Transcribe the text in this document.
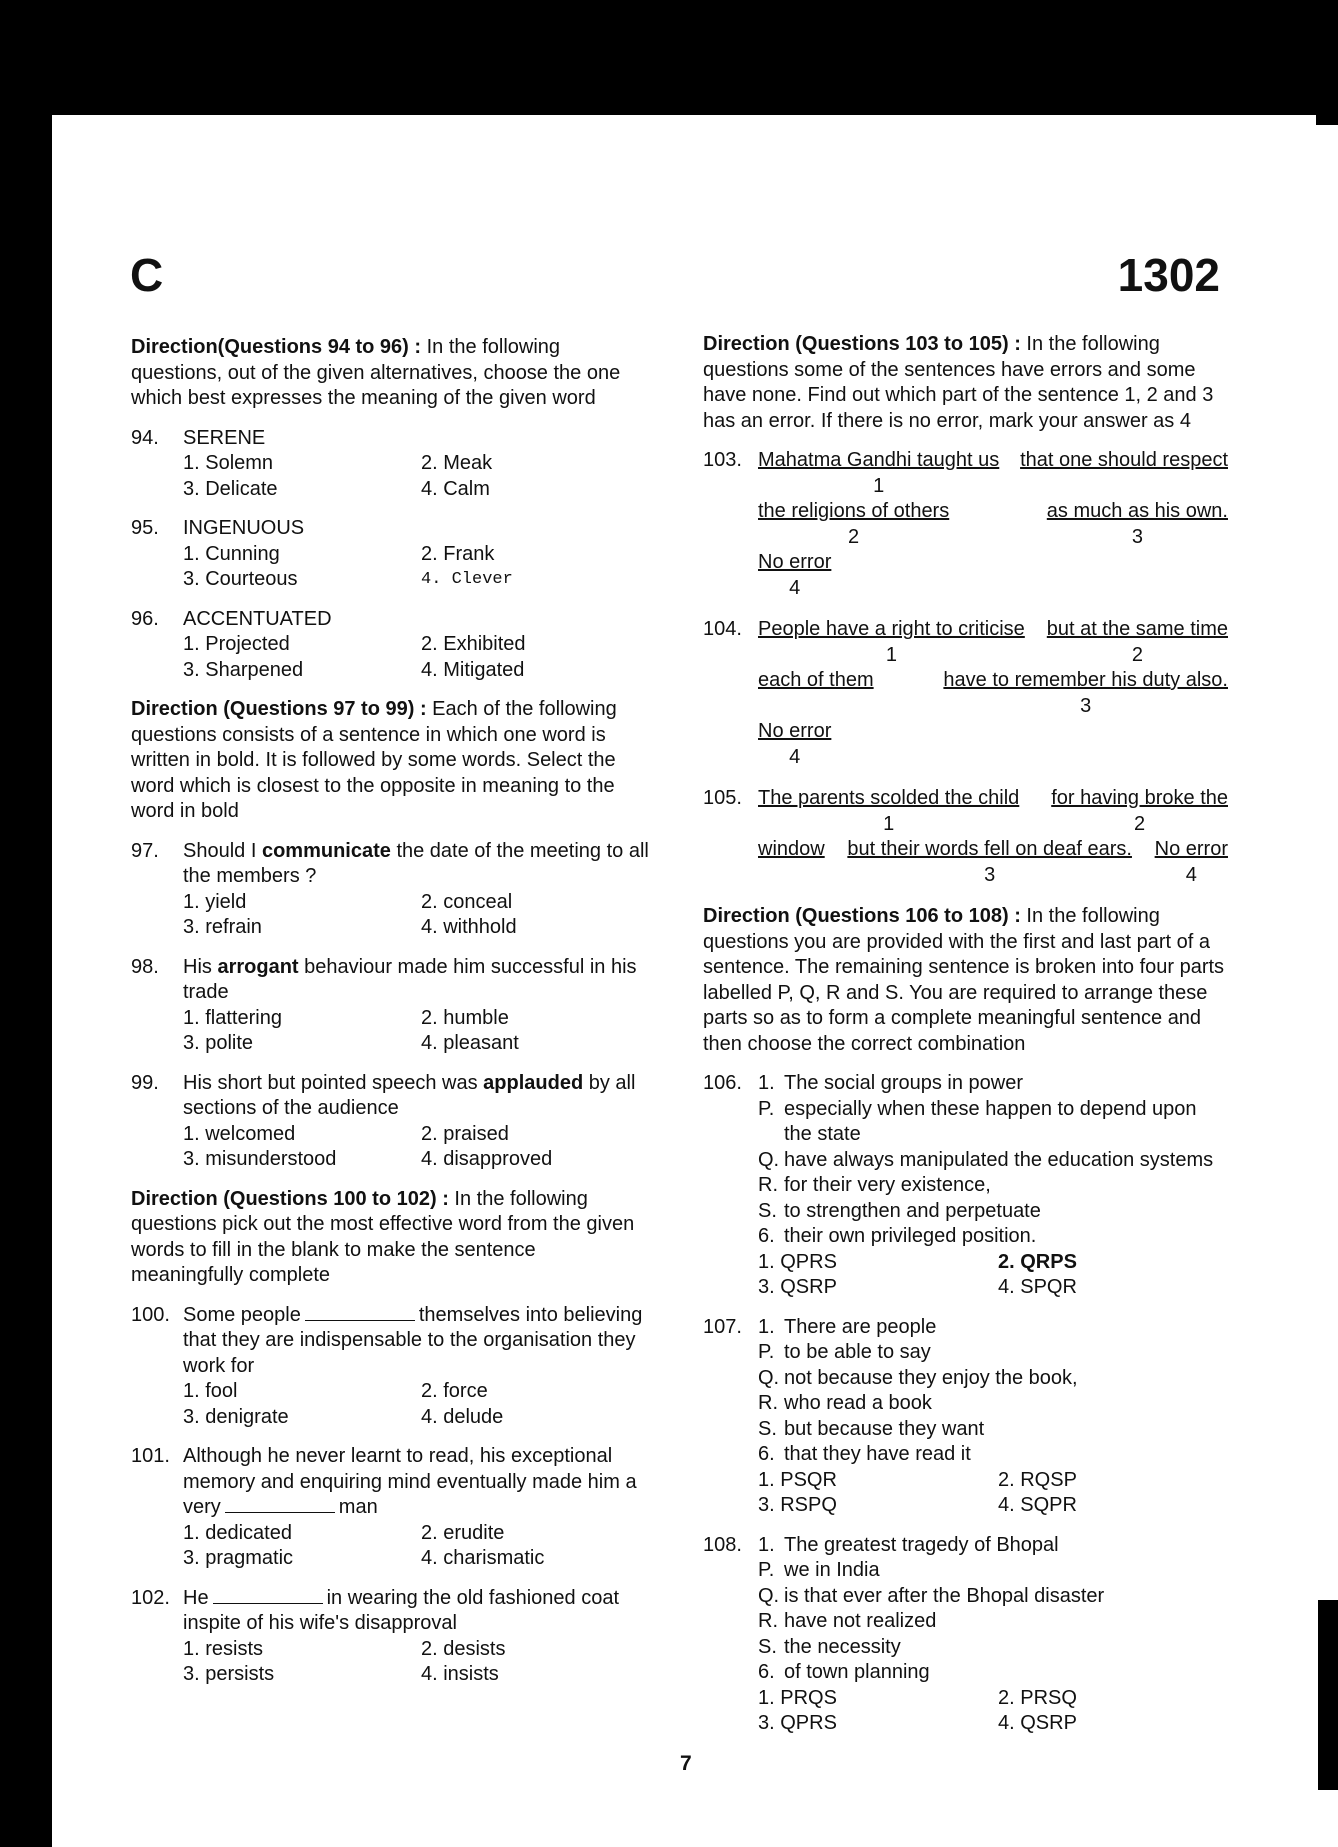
C	1302

Direction(Questions 94 to 96) : In the following questions, out of the given alternatives, choose the one which best expresses the meaning of the given word

94. SERENE
1. Solemn	2. Meak
3. Delicate	4. Calm
95. INGENUOUS
1. Cunning	2. Frank
3. Courteous	4. Clever
96. ACCENTUATED
1. Projected	2. Exhibited
3. Sharpened	4. Mitigated

Direction (Questions 97 to 99) : Each of the following questions consists of a sentence in which one word is written in bold. It is followed by some words. Select the word which is closest to the opposite in meaning to the word in bold

97. Should I communicate the date of the meeting to all the members ?
1. yield	2. conceal
3. refrain	4. withhold
98. His arrogant behaviour made him successful in his trade
1. flattering	2. humble
3. polite	4. pleasant
99. His short but pointed speech was applauded by all sections of the audience
1. welcomed	2. praised
3. misunderstood	4. disapproved

Direction (Questions 100 to 102) : In the following questions pick out the most effective word from the given words to fill in the blank to make the sentence meaningfully complete

100. Some people	themselves into believing that they are indispensable to the organisation they work for
1. fool	2. force
3. denigrate	4. delude
101. Although he never learnt to read, his exceptional memory and enquiring mind eventually made him a very	man
1. dedicated	2. erudite
3. pragmatic	4. charismatic
102. He	in wearing the old fashioned coat inspite of his wife's disapproval
1. resists	2. desists
3. persists	4. insists

Direction (Questions 103 to 105) : In the following questions some of the sentences have errors and some have none. Find out which part of the sentence 1, 2 and 3 has an error. If there is no error, mark your answer as 4

103. Mahatma Gandhi taught us
1
that one should respect
the religions of others
2
as much as his own.
3
No error
4
104. People have a right to criticise
1
but at the same time
2
each of them	have to remember his duty also.
3
No error
4
105. The parents scolded the child
1
for having broke the
2
window but their words fell on deaf ears.
3
No error
4

Direction (Questions 106 to 108) : In the following questions you are provided with the first and last part of a sentence. The remaining sentence is broken into four parts labelled P, Q, R and S. You are required to arrange these parts so as to form a complete meaningful sentence and then choose the correct combination

106. 1. The social groups in power
P. especially when these happen to depend upon the state
Q. have always manipulated the education systems
R. for their very existence,
S. to strengthen and perpetuate
6. their own privileged position.
1. QPRS	2. QRPS
3. QSRP	4. SPQR
107. 1. There are people
P. to be able to say
Q. not because they enjoy the book,
R. who read a book
S. but because they want
6. that they have read it
1. PSQR	2. RQSP
3. RSPQ	4. SQPR
108. 1. The greatest tragedy of Bhopal
P. we in India
Q. is that ever after the Bhopal disaster
R. have not realized
S. the necessity
6. of town planning
1. PRQS	2. PRSQ
3. QPRS	4. QSRP
7
